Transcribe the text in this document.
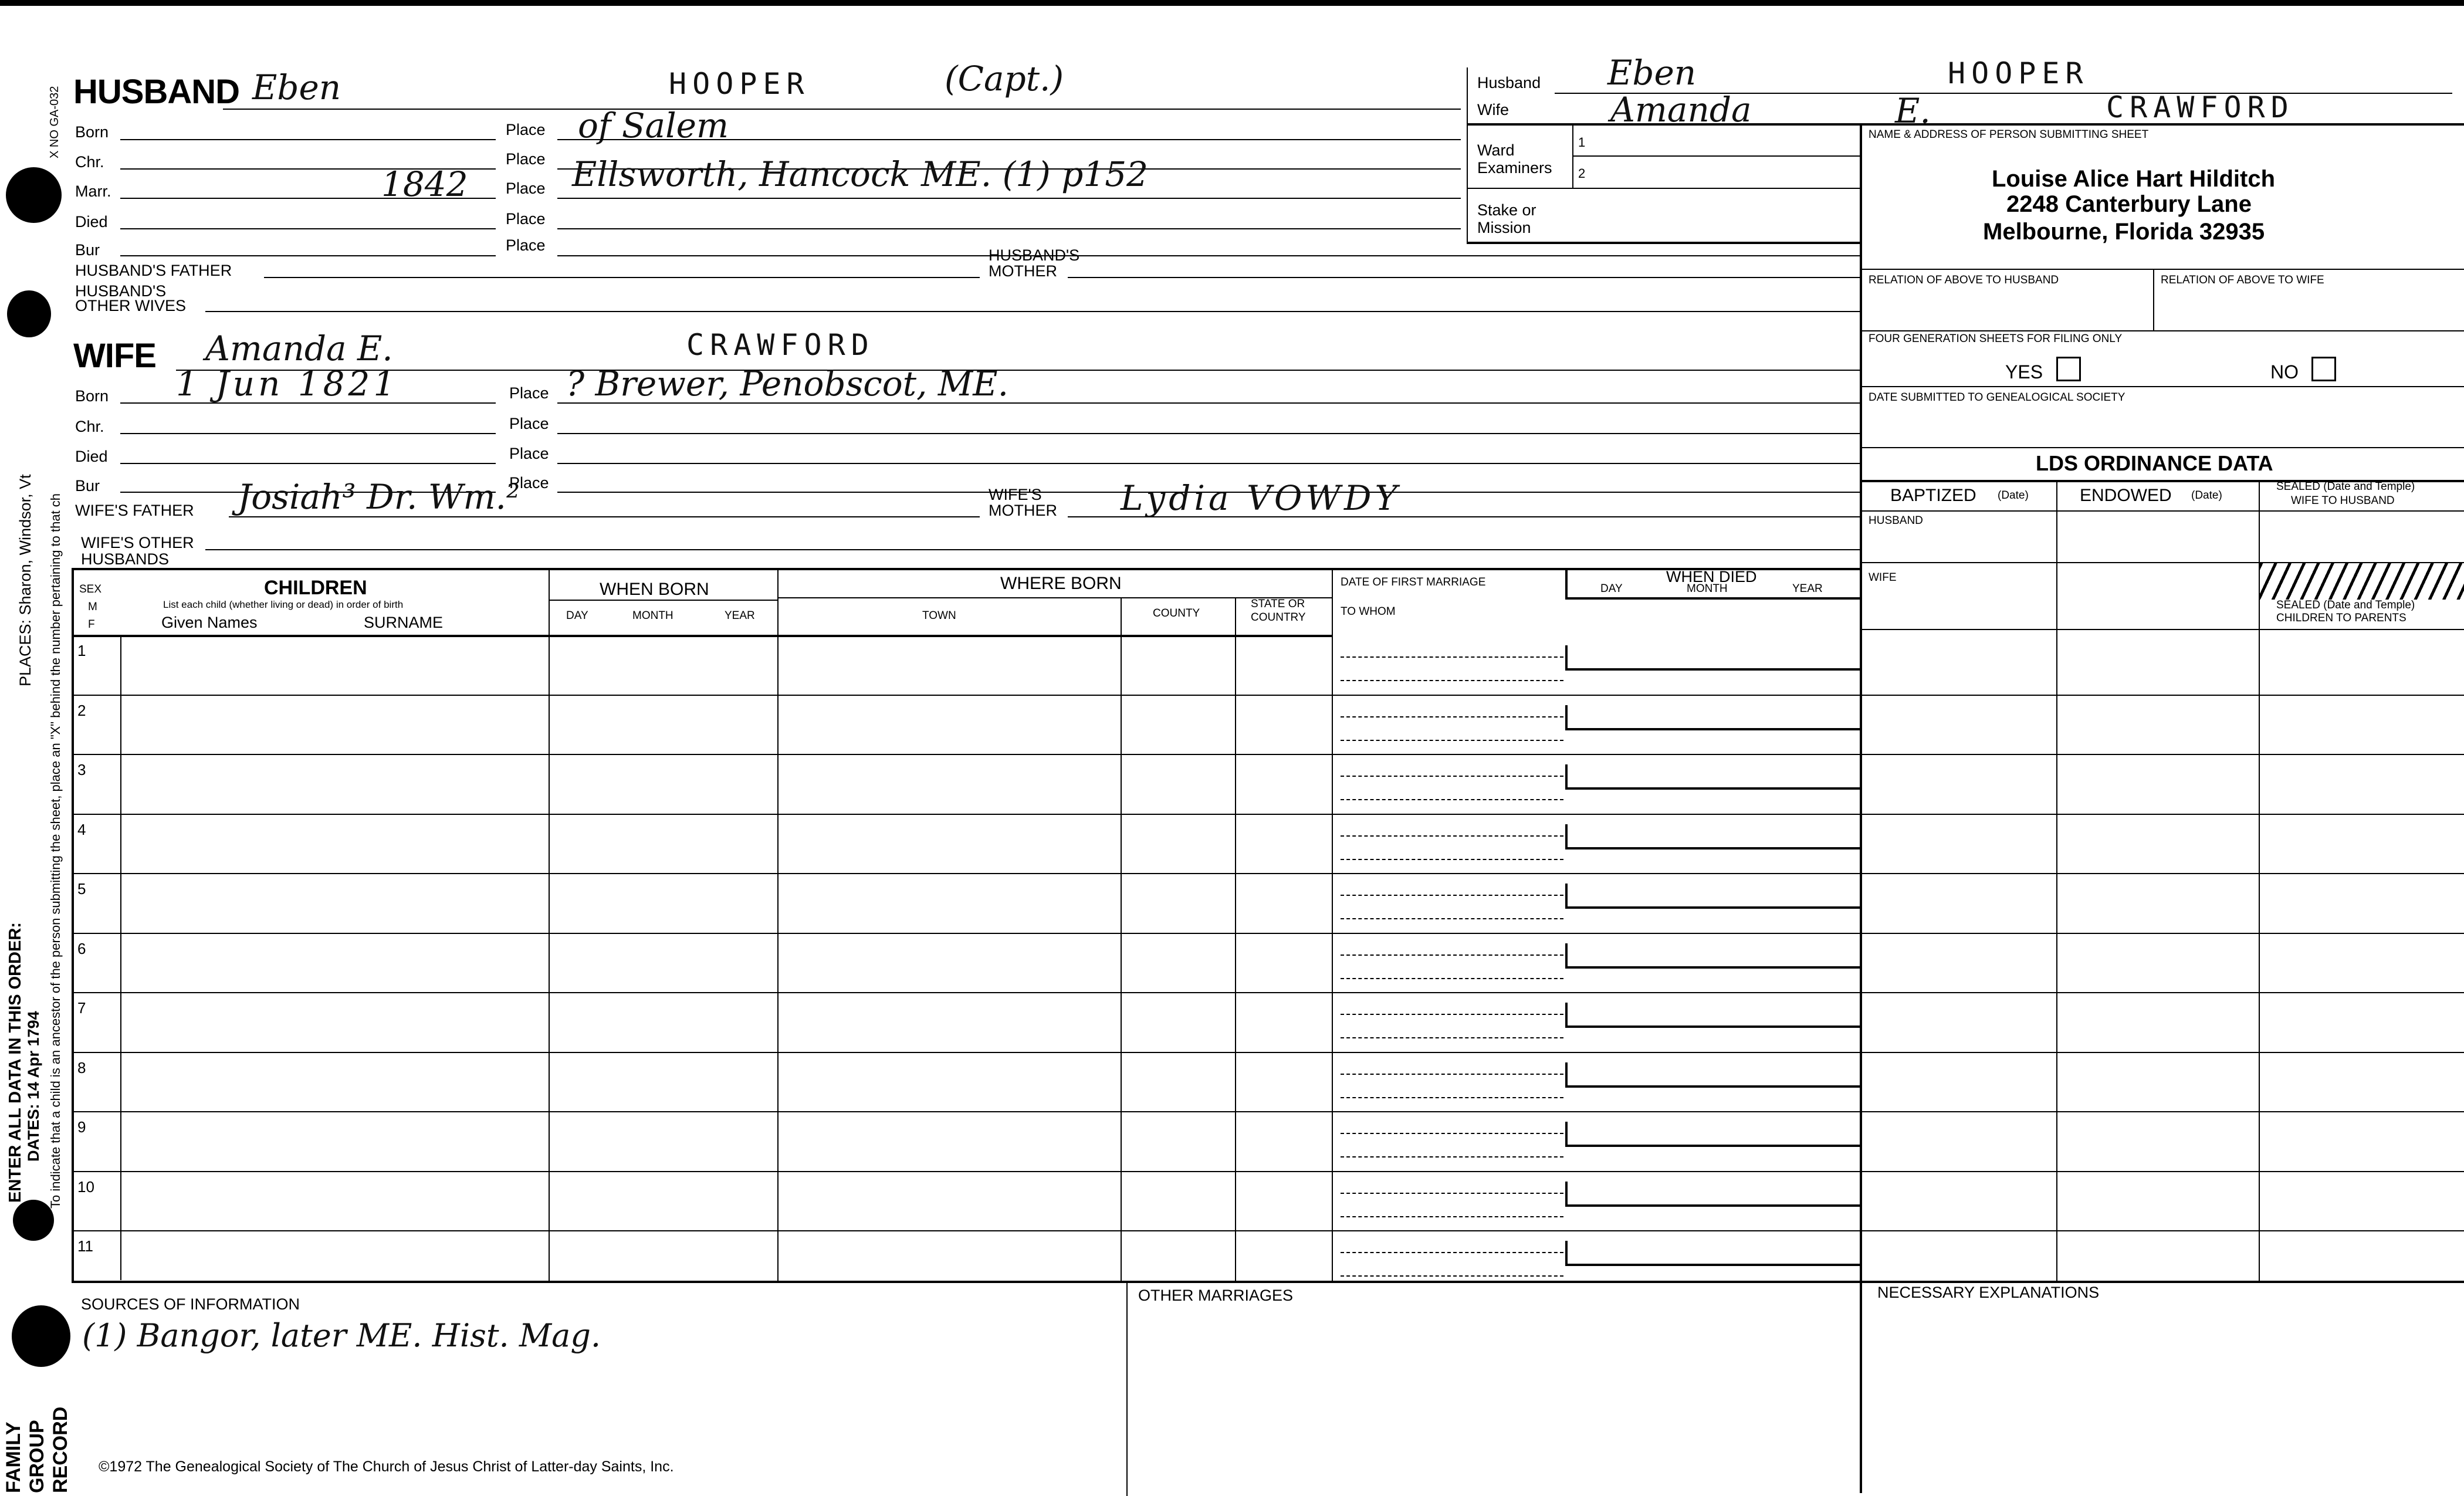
X NO GA-032
PLACES: Sharon, Windsor, Vt To indicate that a child is an ancestor of the person submitting the sheet, place an "X" behind the number pertaining to that ch
ENTER ALL DATA IN THIS ORDER: DATES: 14 Apr 1794
FAMILY GROUP RECORD
HUSBAND Eben	HOOPER	(Capt.)
Born	Place of Salem
Chr.	Place
Marr.	1842 Place Ellsworth, Hancock ME. (1) p152
Died	Place
Bur	Place
HUSBAND'S FATHER
HUSBAND'S
MOTHER
HUSBAND'S
OTHER WIVES
WIFE Amanda E.	CRAWFORD
Born 1 Jun 1821	Place ? Brewer, Penobscot, ME.
Chr.	Place
Died	Place
Bur	Place
WIFE'S FATHER Josiah³ Dr. Wm.²	WIFE'S
MOTHER Lydia VOWDY
WIFE'S OTHER
HUSBANDS
Husband Eben	HOOPER
Wife	Amanda	E.	CRAWFORD
Ward
Examiners
1
2
Stake or
Mission
NAME & ADDRESS OF PERSON SUBMITTING SHEET
Louise Alice Hart Hilditch
2248 Canterbury Lane
Melbourne, Florida 32935
RELATION OF ABOVE TO HUSBAND	RELATION OF ABOVE TO WIFE
FOUR GENERATION SHEETS FOR FILING ONLY
YES	NO
DATE SUBMITTED TO GENEALOGICAL SOCIETY
LDS ORDINANCE DATA
BAPTIZED (Date)	ENDOWED (Date)
SEALED (Date and Temple)
WIFE TO HUSBAND
HUSBAND
WIFE
SEALED (Date and Temple)
CHILDREN TO PARENTS
SEX
M
F
CHILDREN
List each child (whether living or dead) in order of birth
Given Names	SURNAME
WHEN BORN
DAY	MONTH	YEAR
WHERE BORN
TOWN	COUNTY
STATE OR
COUNTRY
DATE OF FIRST MARRIAGE
TO WHOM
WHEN DIED
DAY	MONTH	YEAR
1
2
3
4
5
6
7
8
9
10
11
SOURCES OF INFORMATION
(1) Bangor, later ME. Hist. Mag.
OTHER MARRIAGES	NECESSARY EXPLANATIONS
©1972 The Genealogical Society of The Church of Jesus Christ of Latter-day Saints, Inc.
